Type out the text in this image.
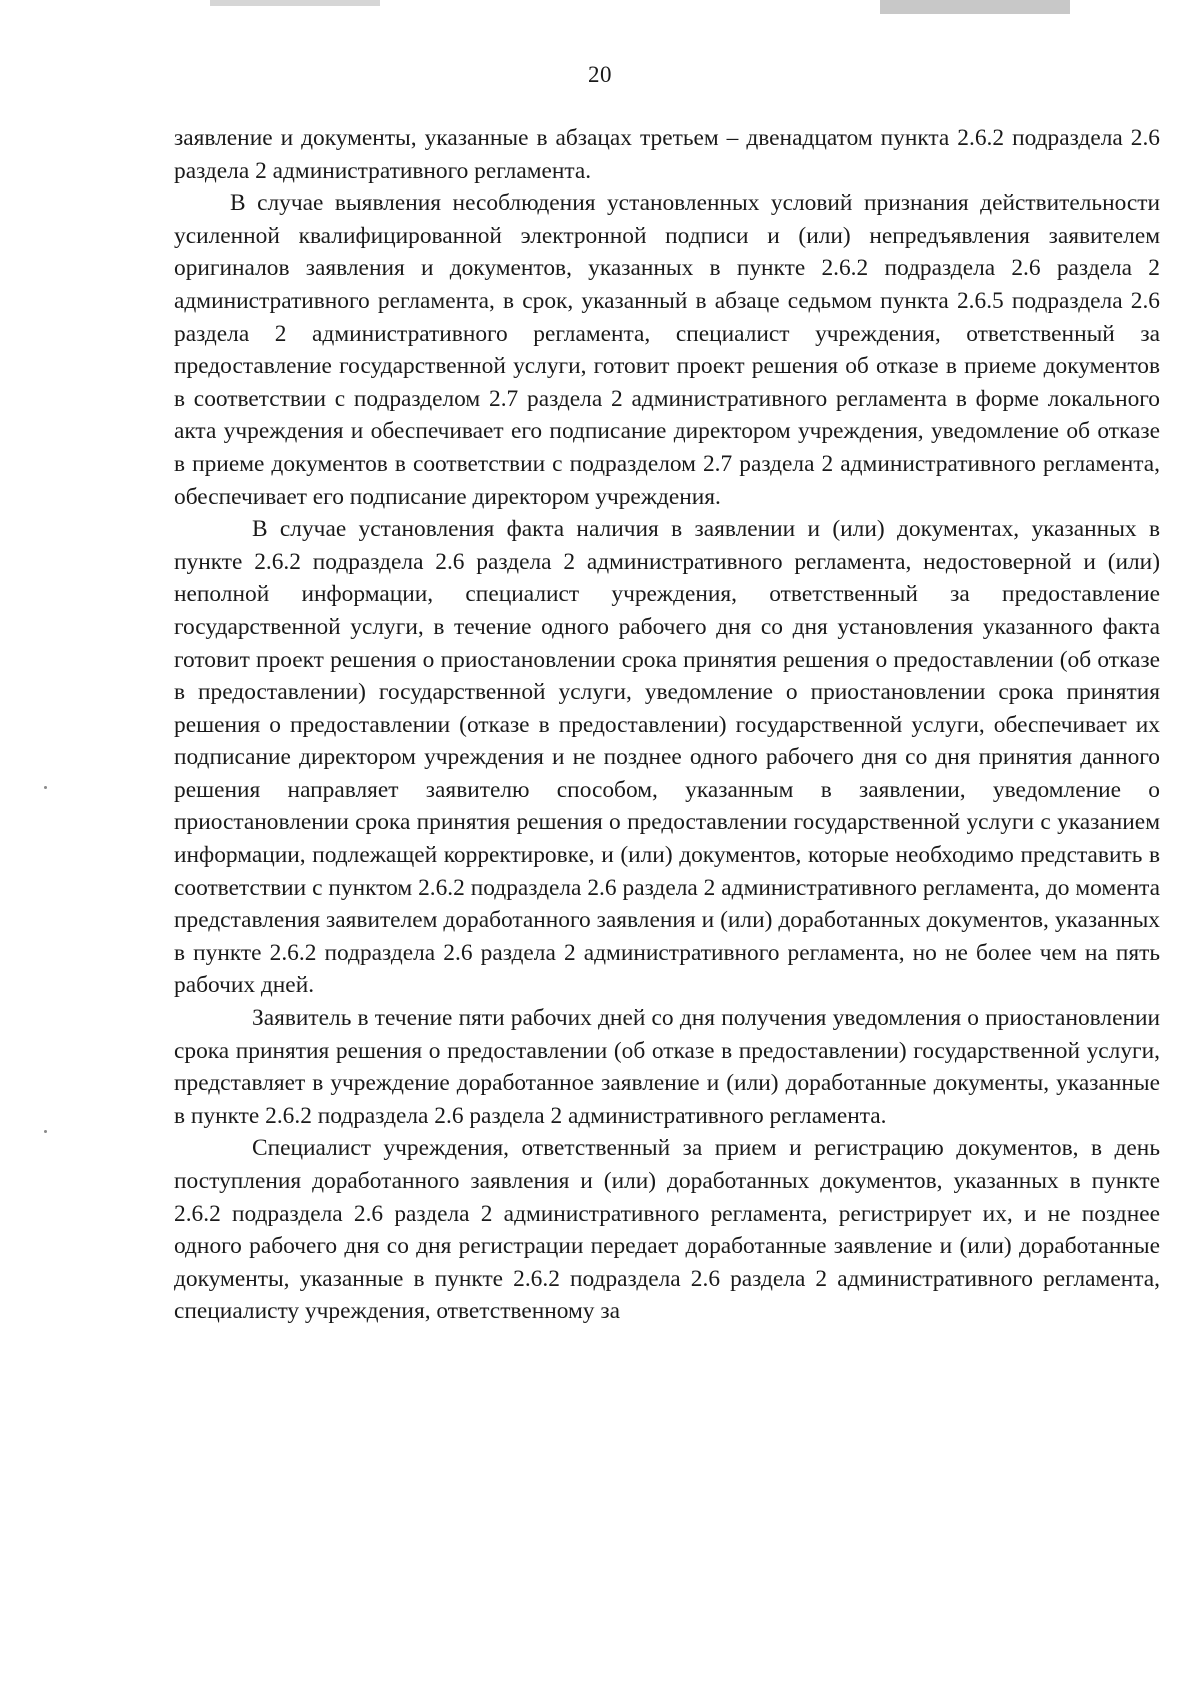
20

заявление и документы, указанные в абзацах третьем – двенадцатом пункта 2.6.2 подраздела 2.6 раздела 2 административного регламента.

В случае выявления несоблюдения установленных условий признания действительности усиленной квалифицированной электронной подписи и (или) непредъявления заявителем оригиналов заявления и документов, указанных в пункте 2.6.2 подраздела 2.6 раздела 2 административного регламента, в срок, указанный в абзаце седьмом пункта 2.6.5 подраздела 2.6 раздела 2 административного регламента, специалист учреждения, ответственный за предоставление государственной услуги, готовит проект решения об отказе в приеме документов в соответствии с подразделом 2.7 раздела 2 административного регламента в форме локального акта учреждения и обеспечивает его подписание директором учреждения, уведомление об отказе в приеме документов в соответствии с подразделом 2.7 раздела 2 административного регламента, обеспечивает его подписание директором учреждения.

В случае установления факта наличия в заявлении и (или) документах, указанных в пункте 2.6.2 подраздела 2.6 раздела 2 административного регламента, недостоверной и (или) неполной информации, специалист учреждения, ответственный за предоставление государственной услуги, в течение одного рабочего дня со дня установления указанного факта готовит проект решения о приостановлении срока принятия решения о предоставлении (об отказе в предоставлении) государственной услуги, уведомление о приостановлении срока принятия решения о предоставлении (отказе в предоставлении) государственной услуги, обеспечивает их подписание директором учреждения и не позднее одного рабочего дня со дня принятия данного решения направляет заявителю способом, указанным в заявлении, уведомление о приостановлении срока принятия решения о предоставлении государственной услуги с указанием информации, подлежащей корректировке, и (или) документов, которые необходимо представить в соответствии с пунктом 2.6.2 подраздела 2.6 раздела 2 административного регламента, до момента представления заявителем доработанного заявления и (или) доработанных документов, указанных в пункте 2.6.2 подраздела 2.6 раздела 2 административного регламента, но не более чем на пять рабочих дней.

Заявитель в течение пяти рабочих дней со дня получения уведомления о приостановлении срока принятия решения о предоставлении (об отказе в предоставлении) государственной услуги, представляет в учреждение доработанное заявление и (или) доработанные документы, указанные в пункте 2.6.2 подраздела 2.6 раздела 2 административного регламента.

Специалист учреждения, ответственный за прием и регистрацию документов, в день поступления доработанного заявления и (или) доработанных документов, указанных в пункте 2.6.2 подраздела 2.6 раздела 2 административного регламента, регистрирует их, и не позднее одного рабочего дня со дня регистрации передает доработанные заявление и (или) доработанные документы, указанные в пункте 2.6.2 подраздела 2.6 раздела 2 административного регламента, специалисту учреждения, ответственному за
